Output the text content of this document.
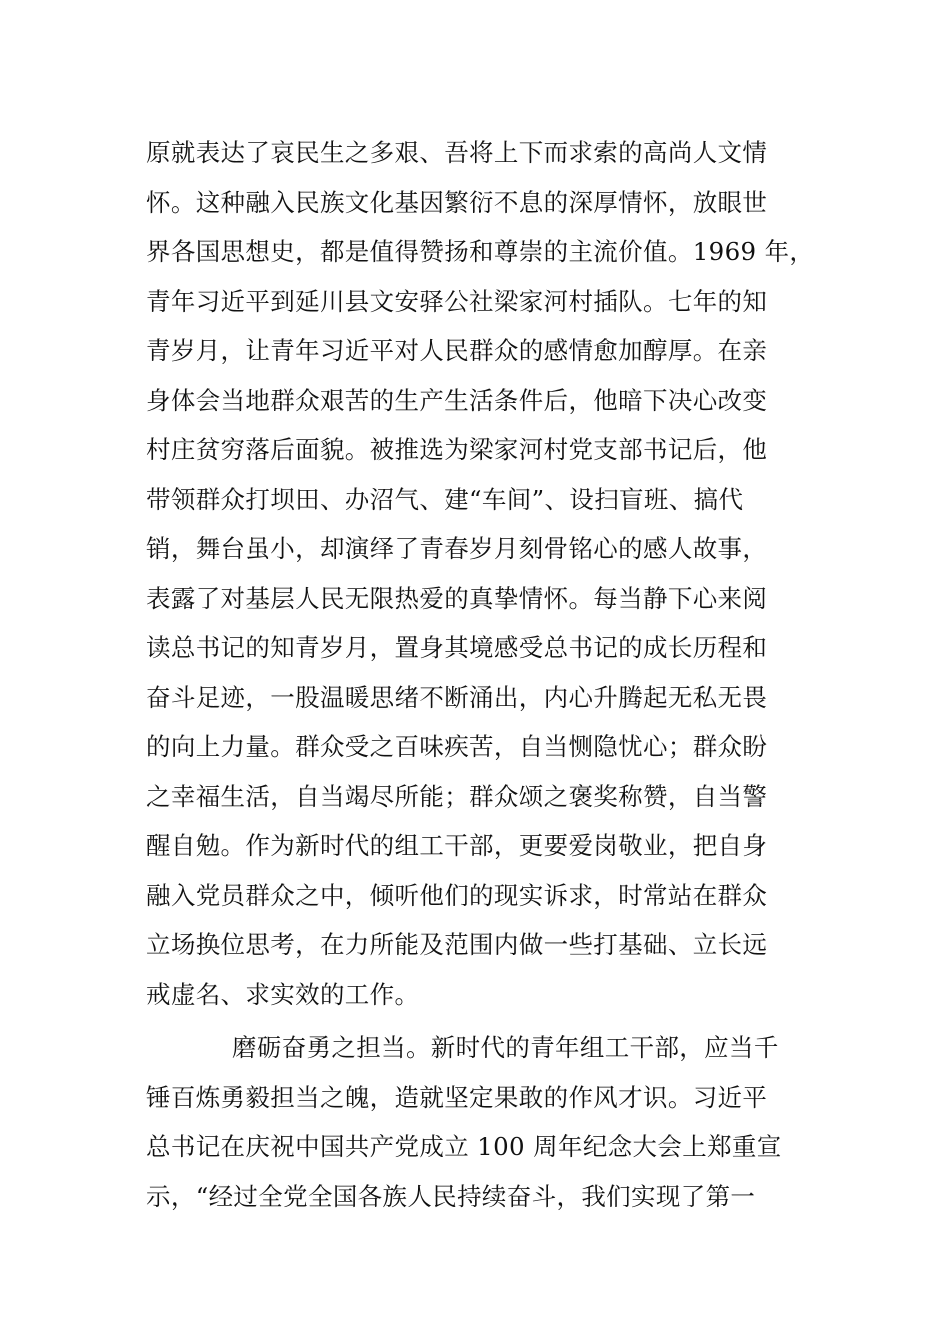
原就表达了哀民生之多艰、吾将上下而求索的高尚人文情
怀。这种融入民族文化基因繁衍不息的深厚情怀，放眼世
界各国思想史，都是值得赞扬和尊崇的主流价值。1969 年，
青年习近平到延川县文安驿公社梁家河村插队。七年的知
青岁月，让青年习近平对人民群众的感情愈加醇厚。在亲
身体会当地群众艰苦的生产生活条件后，他暗下决心改变
村庄贫穷落后面貌。被推选为梁家河村党支部书记后，他
带领群众打坝田、办沼气、建“车间”、设扫盲班、搞代
销，舞台虽小，却演绎了青春岁月刻骨铭心的感人故事，
表露了对基层人民无限热爱的真挚情怀。每当静下心来阅
读总书记的知青岁月，置身其境感受总书记的成长历程和
奋斗足迹，一股温暖思绪不断涌出，内心升腾起无私无畏
的向上力量。群众受之百味疾苦，自当恻隐忧心；群众盼
之幸福生活，自当竭尽所能；群众颂之褒奖称赞，自当警
醒自勉。作为新时代的组工干部，更要爱岗敬业，把自身
融入党员群众之中，倾听他们的现实诉求，时常站在群众
立场换位思考，在力所能及范围内做一些打基础、立长远
戒虚名、求实效的工作。
磨砺奋勇之担当。新时代的青年组工干部，应当千
锤百炼勇毅担当之魄，造就坚定果敢的作风才识。习近平
总书记在庆祝中国共产党成立 100 周年纪念大会上郑重宣
示，“经过全党全国各族人民持续奋斗，我们实现了第一
